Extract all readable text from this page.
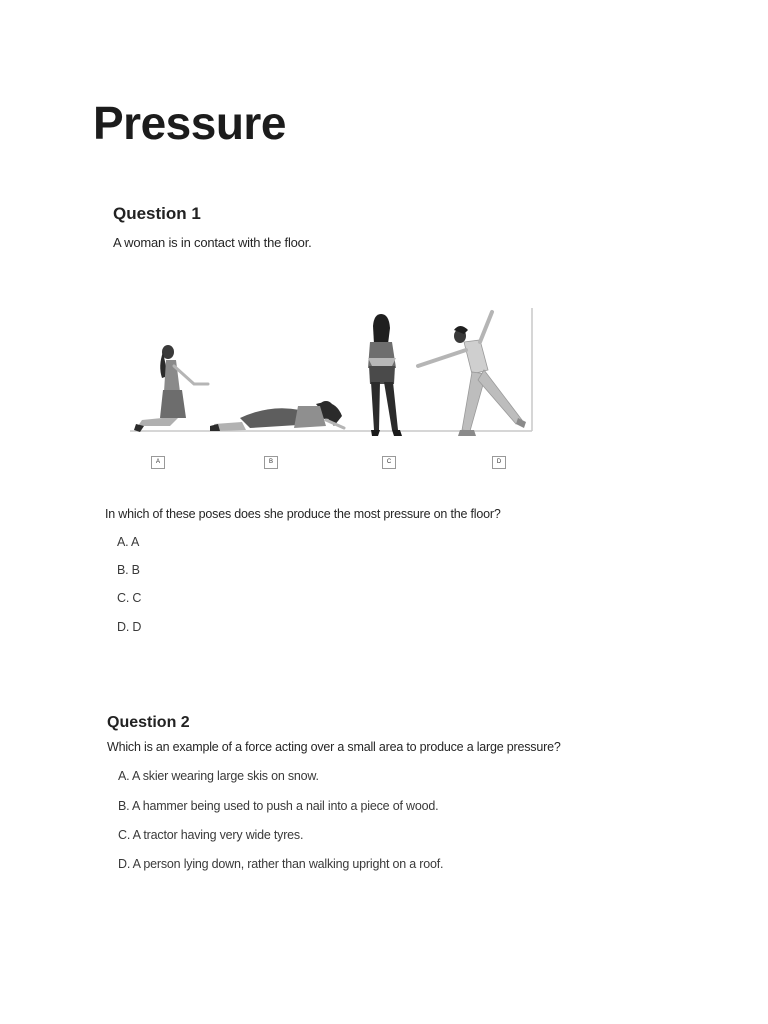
Pressure
Question 1

A woman is in contact with the floor.

A	B	C	D

In which of these poses does she produce the most pressure on the floor?

A. A

B. B

C. C

D. D

Question 2

Which is an example of a force acting over a small area to produce a large pressure?

A. A skier wearing large skis on snow.

B. A hammer being used to push a nail into a piece of wood.

C. A tractor having very wide tyres.

D. A person lying down, rather than walking upright on a roof.
